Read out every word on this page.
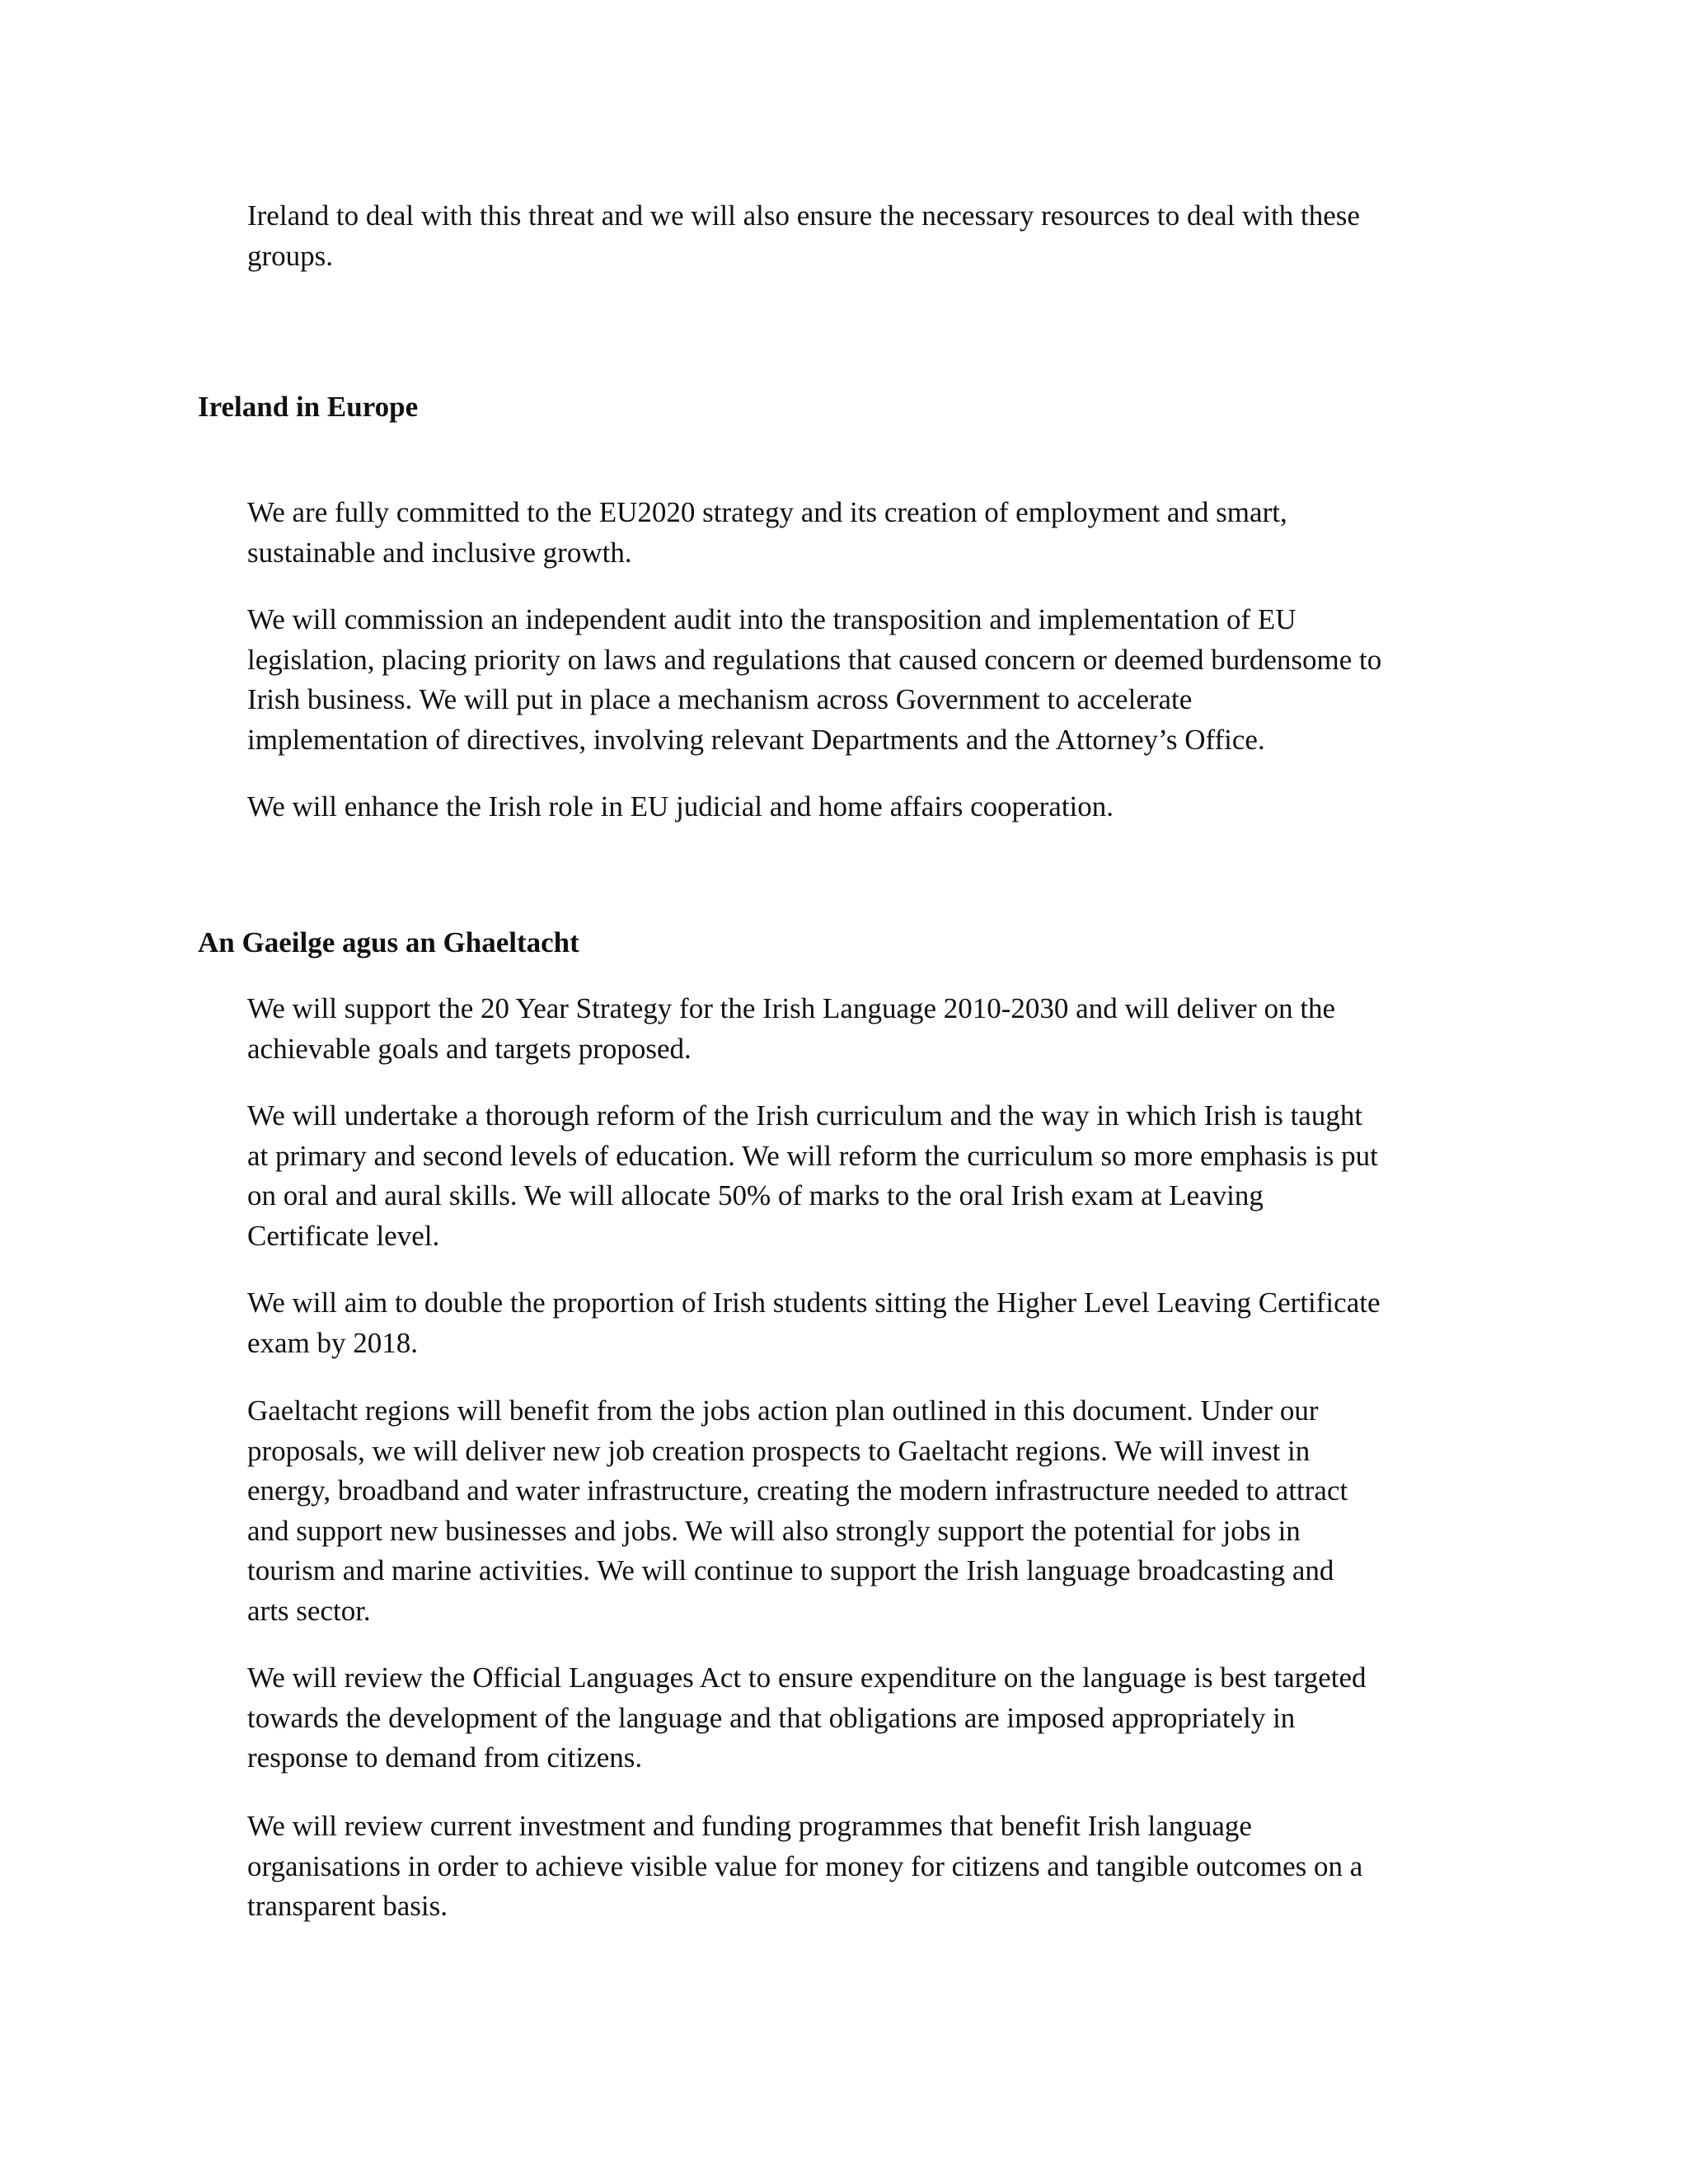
Ireland to deal with this threat and we will also ensure the necessary resources to deal with these
groups.

Ireland in Europe

We are fully committed to the EU2020 strategy and its creation of employment and smart,
sustainable and inclusive growth.

We will commission an independent audit into the transposition and implementation of EU
legislation, placing priority on laws and regulations that caused concern or deemed burdensome to
Irish business. We will put in place a mechanism across Government to accelerate
implementation of directives, involving relevant Departments and the Attorney’s Office.

We will enhance the Irish role in EU judicial and home affairs cooperation.

An Gaeilge agus an Ghaeltacht

We will support the 20 Year Strategy for the Irish Language 2010-2030 and will deliver on the
achievable goals and targets proposed.

We will undertake a thorough reform of the Irish curriculum and the way in which Irish is taught
at primary and second levels of education. We will reform the curriculum so more emphasis is put
on oral and aural skills. We will allocate 50% of marks to the oral Irish exam at Leaving
Certificate level.

We will aim to double the proportion of Irish students sitting the Higher Level Leaving Certificate
exam by 2018.

Gaeltacht regions will benefit from the jobs action plan outlined in this document. Under our
proposals, we will deliver new job creation prospects to Gaeltacht regions. We will invest in
energy, broadband and water infrastructure, creating the modern infrastructure needed to attract
and support new businesses and jobs. We will also strongly support the potential for jobs in
tourism and marine activities. We will continue to support the Irish language broadcasting and
arts sector.

We will review the Official Languages Act to ensure expenditure on the language is best targeted
towards the development of the language and that obligations are imposed appropriately in
response to demand from citizens.

We will review current investment and funding programmes that benefit Irish language
organisations in order to achieve visible value for money for citizens and tangible outcomes on a
transparent basis.
